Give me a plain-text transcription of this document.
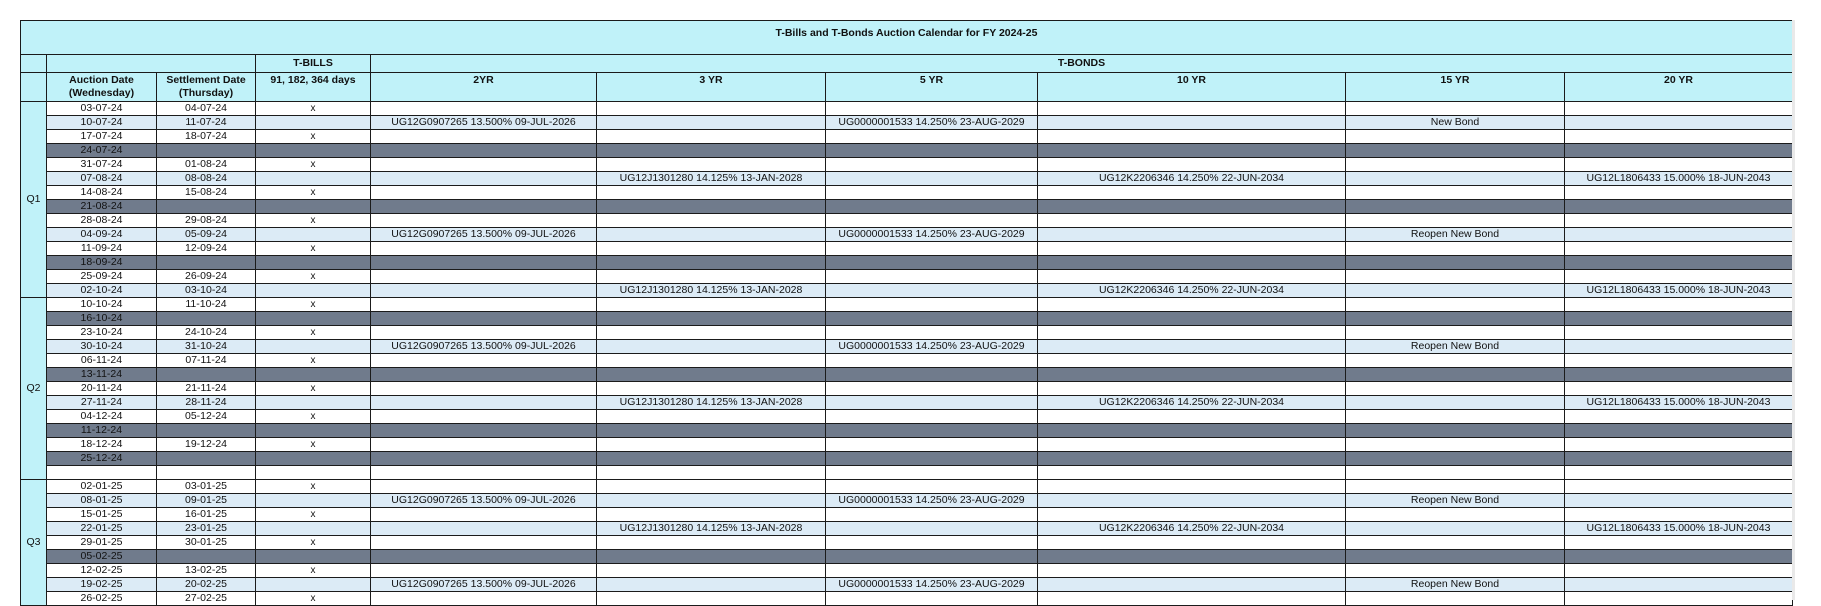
T-Bills and T-Bonds Auction Calendar for FY 2024-25									
			T-BILLS	T-BONDS					
	Auction Date (Wednesday)	Settlement Date (Thursday)	91, 182, 364 days	2YR	3 YR	5 YR	10 YR	15 YR	20 YR
Q1	03-07-24	04-07-24	x						
	10-07-24	11-07-24		UG12G0907265 13.500% 09-JUL-2026		UG0000001533 14.250% 23-AUG-2029		New Bond	
	17-07-24	18-07-24	x						
	24-07-24								
	31-07-24	01-08-24	x						
	07-08-24	08-08-24			UG12J1301280 14.125% 13-JAN-2028		UG12K2206346 14.250% 22-JUN-2034		UG12L1806433 15.000% 18-JUN-2043
	14-08-24	15-08-24	x						
	21-08-24								
	28-08-24	29-08-24	x						
	04-09-24	05-09-24		UG12G0907265 13.500% 09-JUL-2026		UG0000001533 14.250% 23-AUG-2029		Reopen New Bond	
	11-09-24	12-09-24	x						
	18-09-24								
	25-09-24	26-09-24	x						
	02-10-24	03-10-24			UG12J1301280 14.125% 13-JAN-2028		UG12K2206346 14.250% 22-JUN-2034		UG12L1806433 15.000% 18-JUN-2043
Q2	10-10-24	11-10-24	x						
	16-10-24								
	23-10-24	24-10-24	x						
	30-10-24	31-10-24		UG12G0907265 13.500% 09-JUL-2026		UG0000001533 14.250% 23-AUG-2029		Reopen New Bond	
	06-11-24	07-11-24	x						
	13-11-24								
	20-11-24	21-11-24	x						
	27-11-24	28-11-24			UG12J1301280 14.125% 13-JAN-2028		UG12K2206346 14.250% 22-JUN-2034		UG12L1806433 15.000% 18-JUN-2043
	04-12-24	05-12-24	x						
	11-12-24								
	18-12-24	19-12-24	x						
	25-12-24								

Q3	02-01-25	03-01-25	x						
	08-01-25	09-01-25		UG12G0907265 13.500% 09-JUL-2026		UG0000001533 14.250% 23-AUG-2029		Reopen New Bond	
	15-01-25	16-01-25	x						
	22-01-25	23-01-25			UG12J1301280 14.125% 13-JAN-2028		UG12K2206346 14.250% 22-JUN-2034		UG12L1806433 15.000% 18-JUN-2043
	29-01-25	30-01-25	x						
	05-02-25								
	12-02-25	13-02-25	x						
	19-02-25	20-02-25		UG12G0907265 13.500% 09-JUL-2026		UG0000001533 14.250% 23-AUG-2029		Reopen New Bond	
	26-02-25	27-02-25	x						
